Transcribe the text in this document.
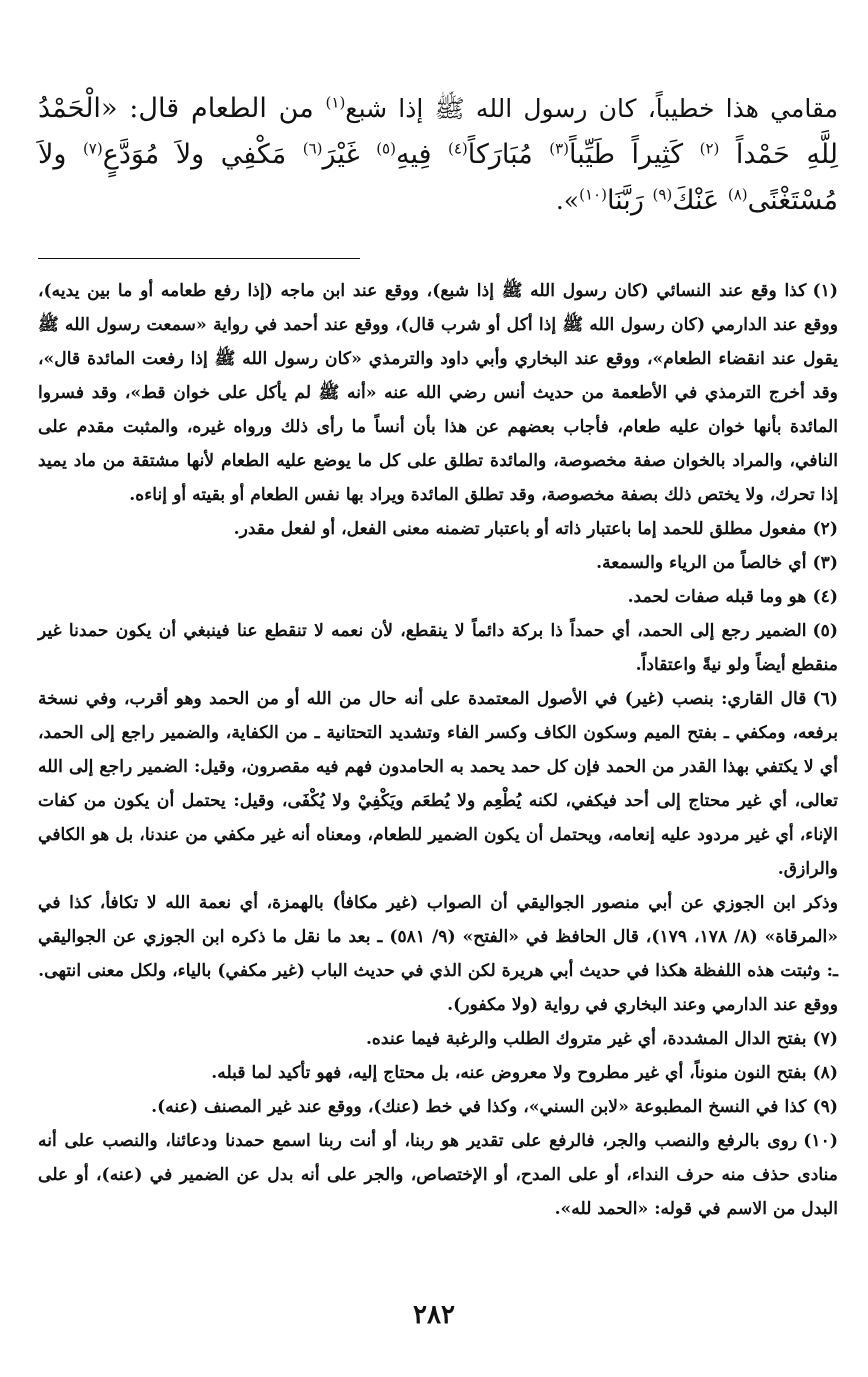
مقامي هذا خطيباً، كان رسول الله ﷺ إذا شبع$^{(١)}$ من الطعام قال: «الْحَمْدُ لِلَّهِ حَمْداً $^{(٢)}$ كَثِيراً طَيِّباً$^{(٣)}$ مُبَارَكاً$^{(٤)}$ فِيهِ$^{(٥)}$ غَيْرَ$^{(٦)}$ مَكْفِي ولاَ مُوَدَّعٍ$^{(٧)}$ ولاَ مُسْتَغْنًى$^{(٨)}$ عَنْكَ$^{(٩)}$ رَبَّنَا$^{(١٠)}$».

(١)كذا وقع عند النسائي (كان رسول الله ﷺ إذا شبع)، ووقع عند ابن ماجه (إذا رفع طعامه أو ما بين يديه)، ووقع عند الدارمي (كان رسول الله ﷺ إذا أكل أو شرب قال)، ووقع عند أحمد في رواية «سمعت رسول الله ﷺ يقول عند انقضاء الطعام»، ووقع عند البخاري وأبي داود والترمذي «كان رسول الله ﷺ إذا رفعت المائدة قال»، وقد أخرج الترمذي في الأطعمة من حديث أنس رضي الله عنه «أنه ﷺ لم يأكل على خوان قط»، وقد فسروا المائدة بأنها خوان عليه طعام، فأجاب بعضهم عن هذا بأن أنساً ما رأى ذلك ورواه غيره، والمثبت مقدم على النافي، والمراد بالخوان صفة مخصوصة، والمائدة تطلق على كل ما يوضع عليه الطعام لأنها مشتقة من ماد يميد إذا تحرك، ولا يختص ذلك بصفة مخصوصة، وقد تطلق المائدة ويراد بها نفس الطعام أو بقيته أو إناءه.

(٢)مفعول مطلق للحمد إما باعتبار ذاته أو باعتبار تضمنه معنى الفعل، أو لفعل مقدر.

(٣)أي خالصاً من الرياء والسمعة.

(٤)هو وما قبله صفات لحمد.

(٥)الضمير رجع إلى الحمد، أي حمداً ذا بركة دائماً لا ينقطع، لأن نعمه لا تنقطع عنا فينبغي أن يكون حمدنا غير منقطع أيضاً ولو نيةً واعتقاداً.

(٦)قال القاري: بنصب (غير) في الأصول المعتمدة على أنه حال من الله أو من الحمد وهو أقرب، وفي نسخة برفعه، ومكفي ـ بفتح الميم وسكون الكاف وكسر الفاء وتشديد التحتانية ـ من الكفاية، والضمير راجع إلى الحمد، أي لا يكتفي بهذا القدر من الحمد فإن كل حمد يحمد به الحامدون فهم فيه مقصرون، وقيل: الضمير راجع إلى الله تعالى، أي غير محتاج إلى أحد فيكفي، لكنه يُطْعِم ولا يُطعَم ويَكْفِيْ ولا يُكْفَى، وقيل: يحتمل أن يكون من كفات الإناء، أي غير مردود عليه إنعامه، ويحتمل أن يكون الضمير للطعام، ومعناه أنه غير مكفي من عندنا، بل هو الكافي والرازق.

وذكر ابن الجوزي عن أبي منصور الجواليقي أن الصواب (غير مكافأ) بالهمزة، أي نعمة الله لا تكافأ، كذا في «المرقاة» (٨/ ١٧٨، ١٧٩)، قال الحافظ في «الفتح» (٩/ ٥٨١) ـ بعد ما نقل ما ذكره ابن الجوزي عن الجواليقي ـ: وثبتت هذه اللفظة هكذا في حديث أبي هريرة لكن الذي في حديث الباب (غير مكفي) بالياء، ولكل معنى انتهى.

ووقع عند الدارمي وعند البخاري في رواية (ولا مكفور).

(٧)بفتح الدال المشددة، أي غير متروك الطلب والرغبة فيما عنده.

(٨)بفتح النون منوناً، أي غير مطروح ولا معروض عنه، بل محتاج إليه، فهو تأكيد لما قبله.

(٩)كذا في النسخ المطبوعة «لابن السني»، وكذا في خط (عنك)، ووقع عند غير المصنف (عنه).

(١٠)روى بالرفع والنصب والجر، فالرفع على تقدير هو ربنا، أو أنت ربنا اسمع حمدنا ودعائنا، والنصب على أنه منادى حذف منه حرف النداء، أو على المدح، أو الإختصاص، والجر على أنه بدل عن الضمير في (عنه)، أو على البدل من الاسم في قوله: «الحمد لله».

٢٨٢
